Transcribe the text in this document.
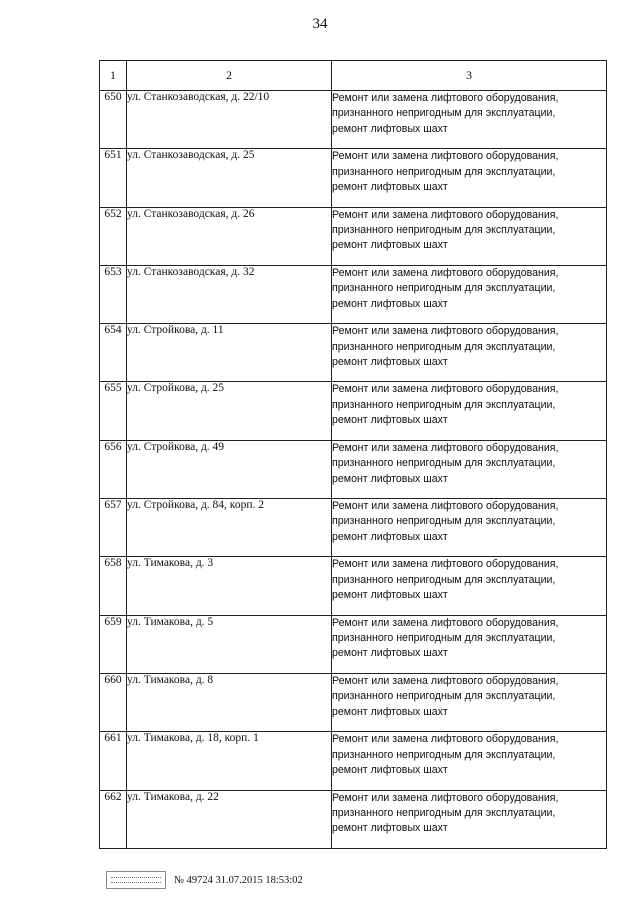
34
1	2	3
650	ул. Станкозаводская, д. 22/10	Ремонт или замена лифтового оборудования,
признанного непригодным для эксплуатации,
ремонт лифтовых шахт

651	ул. Станкозаводская, д. 25	Ремонт или замена лифтового оборудования,
признанного непригодным для эксплуатации,
ремонт лифтовых шахт

652	ул. Станкозаводская, д. 26	Ремонт или замена лифтового оборудования,
признанного непригодным для эксплуатации,
ремонт лифтовых шахт

653	ул. Станкозаводская, д. 32	Ремонт или замена лифтового оборудования,
признанного непригодным для эксплуатации,
ремонт лифтовых шахт

654	ул. Стройкова, д. 11	Ремонт или замена лифтового оборудования,
признанного непригодным для эксплуатации,
ремонт лифтовых шахт

655	ул. Стройкова, д. 25	Ремонт или замена лифтового оборудования,
признанного непригодным для эксплуатации,
ремонт лифтовых шахт

656	ул. Стройкова, д. 49	Ремонт или замена лифтового оборудования,
признанного непригодным для эксплуатации,
ремонт лифтовых шахт

657	ул. Стройкова, д. 84, корп. 2	Ремонт или замена лифтового оборудования,
признанного непригодным для эксплуатации,
ремонт лифтовых шахт

658	ул. Тимакова, д. 3	Ремонт или замена лифтового оборудования,
признанного непригодным для эксплуатации,
ремонт лифтовых шахт

659	ул. Тимакова, д. 5	Ремонт или замена лифтового оборудования,
признанного непригодным для эксплуатации,
ремонт лифтовых шахт

660	ул. Тимакова, д. 8	Ремонт или замена лифтового оборудования,
признанного непригодным для эксплуатации,
ремонт лифтовых шахт

661	ул. Тимакова, д. 18, корп. 1	Ремонт или замена лифтового оборудования,
признанного непригодным для эксплуатации,
ремонт лифтовых шахт

662	ул. Тимакова, д. 22	Ремонт или замена лифтового оборудования,
признанного непригодным для эксплуатации,
ремонт лифтовых шахт
№ 49724 31.07.2015 18:53:02
